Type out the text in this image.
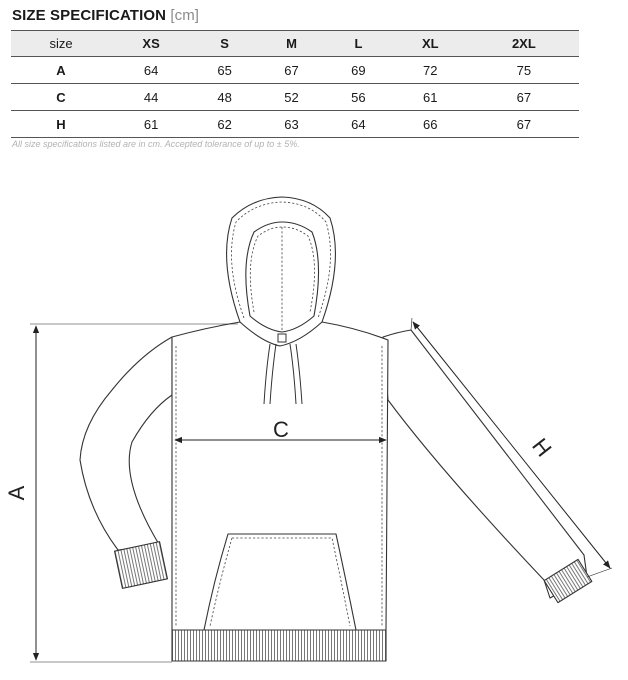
SIZE SPECIFICATION [cm]
size	XS	S	M	L	XL	2XL
A	64	65	67	69	72	75
C	44	48	52	56	61	67
H	61	62	63	64	66	67
All size specifications listed are in cm. Accepted tolerance of up to ± 5%.
A
C
H
